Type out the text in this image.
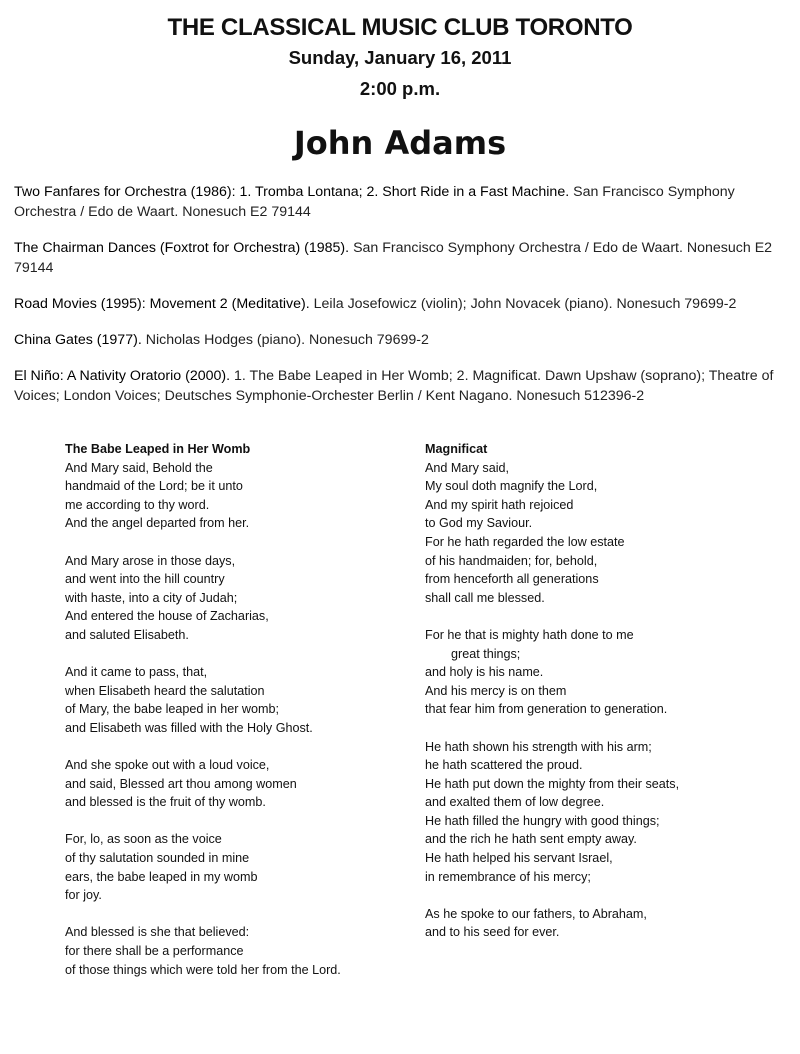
THE CLASSICAL MUSIC CLUB TORONTO
Sunday, January 16, 2011
2:00 p.m.
John Adams

Two Fanfares for Orchestra (1986): 1. Tromba Lontana; 2. Short Ride in a Fast Machine. San Francisco Symphony Orchestra / Edo de Waart. Nonesuch E2 79144

The Chairman Dances (Foxtrot for Orchestra) (1985). San Francisco Symphony Orchestra / Edo de Waart. Nonesuch E2 79144

Road Movies (1995): Movement 2 (Meditative). Leila Josefowicz (violin); John Novacek (piano). Nonesuch 79699-2

China Gates (1977). Nicholas Hodges (piano). Nonesuch 79699-2

El Niño: A Nativity Oratorio (2000). 1. The Babe Leaped in Her Womb; 2. Magnificat. Dawn Upshaw (soprano); Theatre of Voices; London Voices; Deutsches Symphonie-Orchester Berlin / Kent Nagano. Nonesuch 512396-2

The Babe Leaped in Her Womb
And Mary said, Behold the
handmaid of the Lord; be it unto
me according to thy word.
And the angel departed from her.
And Mary arose in those days,
and went into the hill country
with haste, into a city of Judah;
And entered the house of Zacharias,
and saluted Elisabeth.
And it came to pass, that,
when Elisabeth heard the salutation
of Mary, the babe leaped in her womb;
and Elisabeth was filled with the Holy Ghost.
And she spoke out with a loud voice,
and said, Blessed art thou among women
and blessed is the fruit of thy womb.
For, lo, as soon as the voice
of thy salutation sounded in mine
ears, the babe leaped in my womb
for joy.
And blessed is she that believed:
for there shall be a performance
of those things which were told her from the Lord.
Magnificat
And Mary said,
My soul doth magnify the Lord,
And my spirit hath rejoiced
to God my Saviour.
For he hath regarded the low estate
of his handmaiden; for, behold,
from henceforth all generations
shall call me blessed.
For he that is mighty hath done to me
great things;
and holy is his name.
And his mercy is on them
that fear him from generation to generation.
He hath shown his strength with his arm;
he hath scattered the proud.
He hath put down the mighty from their seats,
and exalted them of low degree.
He hath filled the hungry with good things;
and the rich he hath sent empty away.
He hath helped his servant Israel,
in remembrance of his mercy;
As he spoke to our fathers, to Abraham,
and to his seed for ever.
